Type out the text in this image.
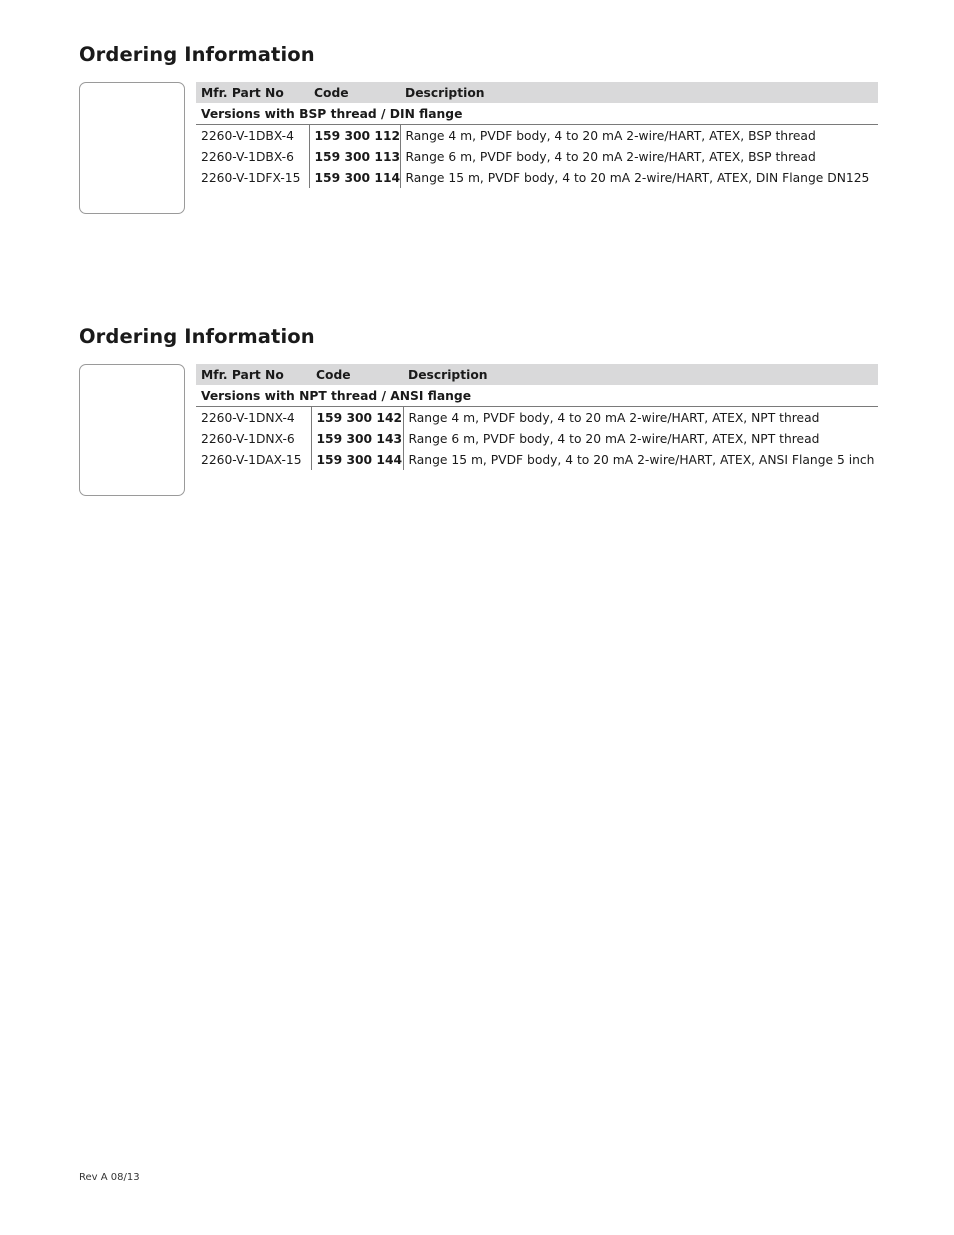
Ordering Information
Mfr. Part No	Code	Description
Versions with BSP thread / DIN flange		
2260-V-1DBX-4	159 300 112	Range 4 m, PVDF body, 4 to 20 mA 2-wire/HART, ATEX, BSP thread
2260-V-1DBX-6	159 300 113	Range 6 m, PVDF body, 4 to 20 mA 2-wire/HART, ATEX, BSP thread
2260-V-1DFX-15	159 300 114	Range 15 m, PVDF body, 4 to 20 mA 2-wire/HART, ATEX, DIN Flange DN125
Ordering Information
Mfr. Part No	Code	Description
Versions with NPT thread / ANSI flange		
2260-V-1DNX-4	159 300 142	Range 4 m, PVDF body, 4 to 20 mA 2-wire/HART, ATEX, NPT thread
2260-V-1DNX-6	159 300 143	Range 6 m, PVDF body, 4 to 20 mA 2-wire/HART, ATEX, NPT thread
2260-V-1DAX-15	159 300 144	Range 15 m, PVDF body, 4 to 20 mA 2-wire/HART, ATEX, ANSI Flange 5 inch
Rev A 08/13
